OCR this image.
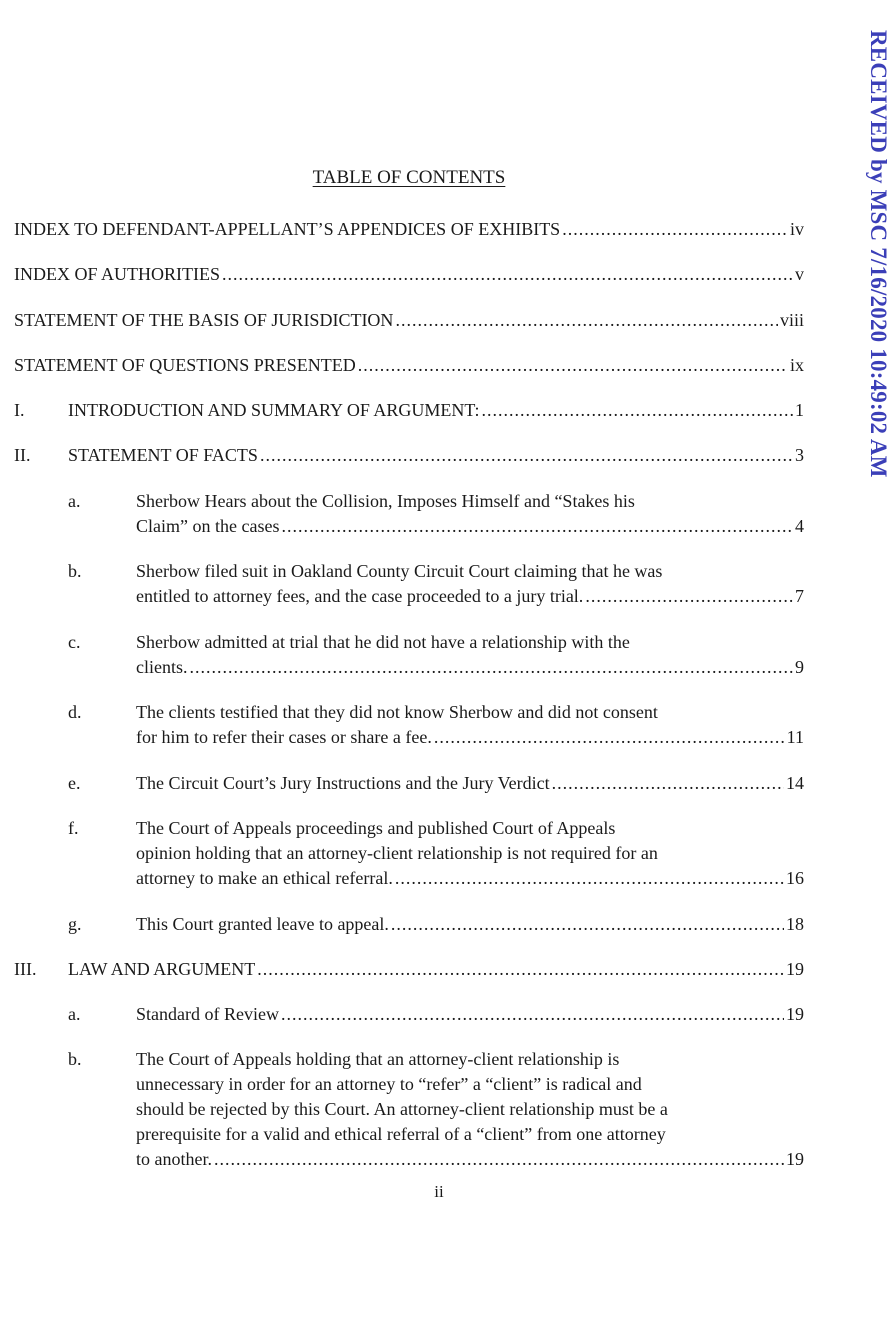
RECEIVED by MSC 7/16/2020 10:49:02 AM
TABLE OF CONTENTS
INDEX TO DEFENDANT-APPELLANT’S APPENDICES OF EXHIBITS .....	iv
INDEX OF AUTHORITIES .....	v
STATEMENT OF THE BASIS OF JURISDICTION .....	viii
STATEMENT OF QUESTIONS PRESENTED .....	ix
I. INTRODUCTION AND SUMMARY OF ARGUMENT: .....	1
II. STATEMENT OF FACTS .....	3
a.	Sherbow Hears about the Collision, Imposes Himself and “Stakes his
Claim” on the cases .....	4
b.	Sherbow filed suit in Oakland County Circuit Court claiming that he was
entitled to attorney fees, and the case proceeded to a jury trial. .....	7
c.	Sherbow admitted at trial that he did not have a relationship with the
clients. .....	9
d.	The clients testified that they did not know Sherbow and did not consent
for him to refer their cases or share a fee. .....	11
e.	The Circuit Court’s Jury Instructions and the Jury Verdict .....	14
f.	The Court of Appeals proceedings and published Court of Appeals
opinion holding that an attorney-client relationship is not required for an
attorney to make an ethical referral. .....	16
g.	This Court granted leave to appeal. .....	18
III. LAW AND ARGUMENT .....	19
a.	Standard of Review .....	19
b.	The Court of Appeals holding that an attorney-client relationship is
unnecessary in order for an attorney to “refer” a “client” is radical and
should be rejected by this Court. An attorney-client relationship must be a
prerequisite for a valid and ethical referral of a “client” from one attorney
to another. .....	19
ii
